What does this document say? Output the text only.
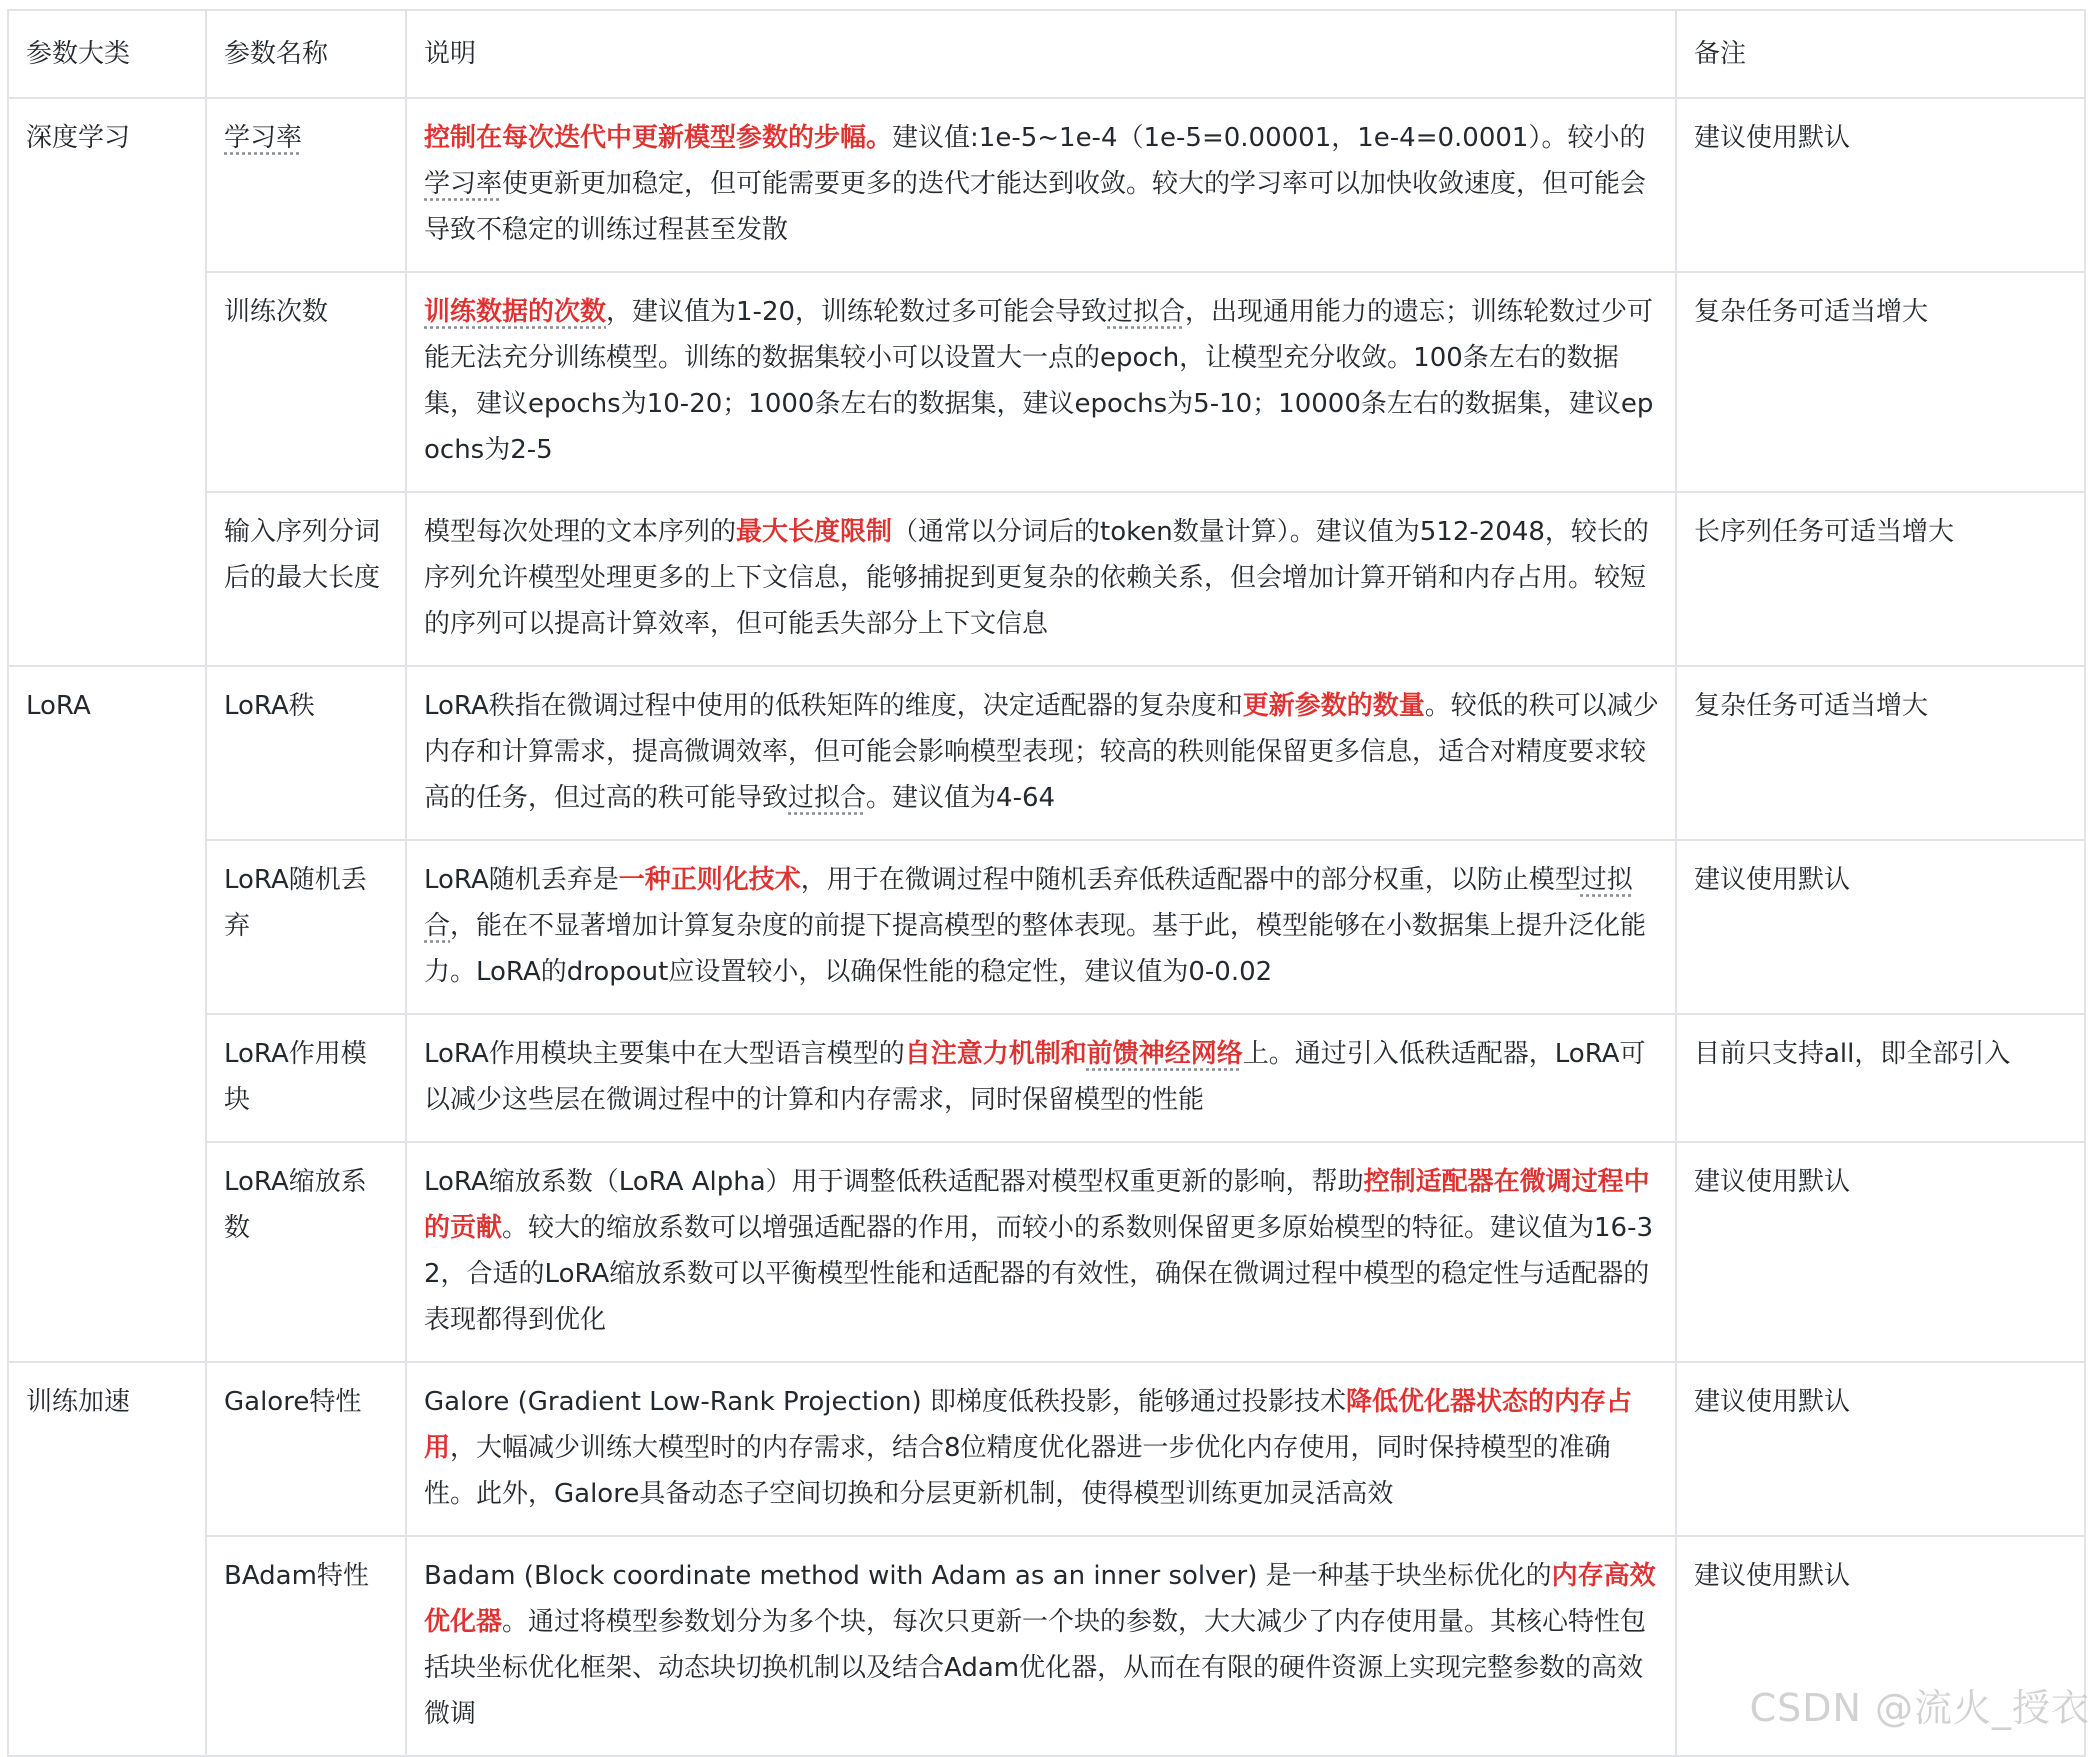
参数大类	参数名称	说明	备注
深度学习	学习率	控制在每次迭代中更新模型参数的步幅。建议值:1e-5~1e-4（1e-5=0.00001，1e-4=0.0001）。较小的学习率使更新更加稳定，但可能需要更多的迭代才能达到收敛。较大的学习率可以加快收敛速度，但可能会导致不稳定的训练过程甚至发散	建议使用默认
	训练次数	训练数据的次数，建议值为1-20，训练轮数过多可能会导致过拟合，出现通用能力的遗忘；训练轮数过少可能无法充分训练模型。训练的数据集较小可以设置大一点的epoch，让模型充分收敛。100条左右的数据集，建议epochs为10-20；1000条左右的数据集，建议epochs为5-10；10000条左右的数据集，建议epochs为2-5	复杂任务可适当增大
	输入序列分词后的最大长度	模型每次处理的文本序列的最大长度限制（通常以分词后的token数量计算）。建议值为512-2048，较长的序列允许模型处理更多的上下文信息，能够捕捉到更复杂的依赖关系，但会增加计算开销和内存占用。较短的序列可以提高计算效率，但可能丢失部分上下文信息	长序列任务可适当增大
LoRA	LoRA秩	LoRA秩指在微调过程中使用的低秩矩阵的维度，决定适配器的复杂度和更新参数的数量。较低的秩可以减少内存和计算需求，提高微调效率，但可能会影响模型表现；较高的秩则能保留更多信息，适合对精度要求较高的任务，但过高的秩可能导致过拟合。建议值为4-64	复杂任务可适当增大
	LoRA随机丢弃	LoRA随机丢弃是一种正则化技术，用于在微调过程中随机丢弃低秩适配器中的部分权重，以防止模型过拟合，能在不显著增加计算复杂度的前提下提高模型的整体表现。基于此，模型能够在小数据集上提升泛化能力。LoRA的dropout应设置较小，以确保性能的稳定性，建议值为0-0.02	建议使用默认
	LoRA作用模块	LoRA作用模块主要集中在大型语言模型的自注意力机制和前馈神经网络上。通过引入低秩适配器，LoRA可以减少这些层在微调过程中的计算和内存需求，同时保留模型的性能	目前只支持all，即全部引入
	LoRA缩放系数	LoRA缩放系数（LoRA Alpha）用于调整低秩适配器对模型权重更新的影响，帮助控制适配器在微调过程中的贡献。较大的缩放系数可以增强适配器的作用，而较小的系数则保留更多原始模型的特征。建议值为16-32，合适的LoRA缩放系数可以平衡模型性能和适配器的有效性，确保在微调过程中模型的稳定性与适配器的表现都得到优化	建议使用默认
训练加速	Galore特性	Galore (Gradient Low-Rank Projection) 即梯度低秩投影，能够通过投影技术降低优化器状态的内存占用，大幅减少训练大模型时的内存需求，结合8位精度优化器进一步优化内存使用，同时保持模型的准确性。此外，Galore具备动态子空间切换和分层更新机制，使得模型训练更加灵活高效	建议使用默认
	BAdam特性	Badam (Block coordinate method with Adam as an inner solver) 是一种基于块坐标优化的内存高效优化器。通过将模型参数划分为多个块，每次只更新一个块的参数，大大减少了内存使用量。其核心特性包括块坐标优化框架、动态块切换机制以及结合Adam优化器，从而在有限的硬件资源上实现完整参数的高效微调	建议使用默认
CSDN @流火_授衣
